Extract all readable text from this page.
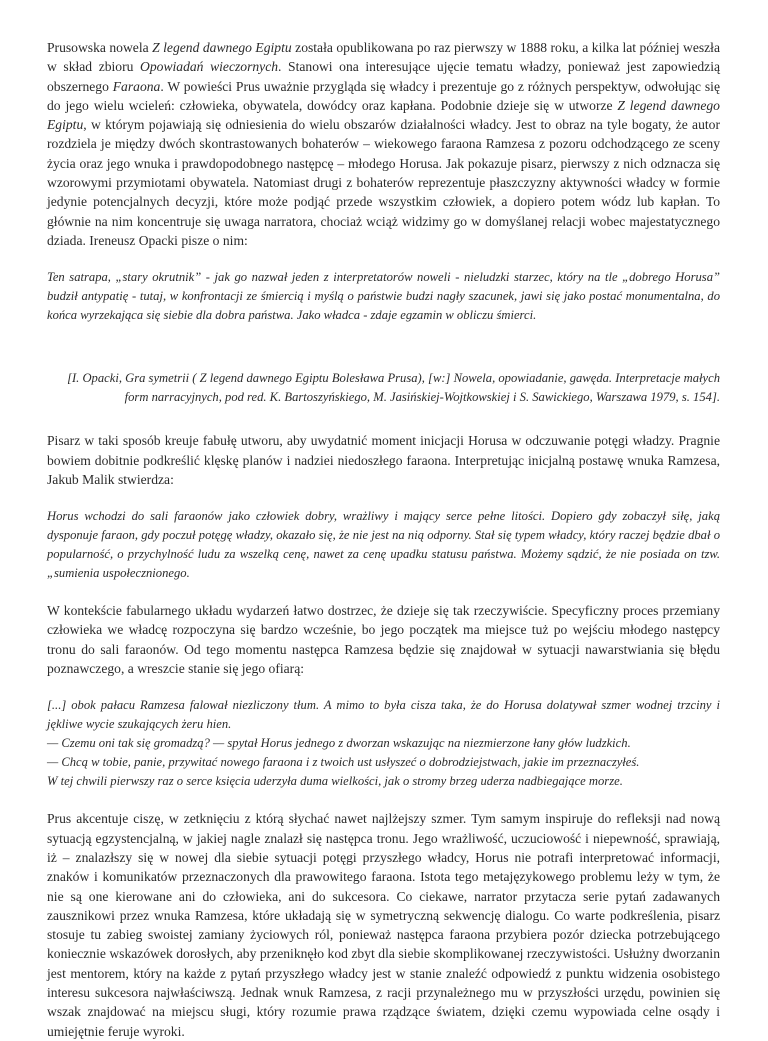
Prusowska nowela Z legend dawnego Egiptu została opublikowana po raz pierwszy w 1888 roku, a kilka lat później weszła w skład zbioru Opowiadań wieczornych. Stanowi ona interesujące ujęcie tematu władzy, ponieważ jest zapowiedzią obszernego Faraona. W powieści Prus uważnie przygląda się władcy i prezentuje go z różnych perspektyw, odwołując się do jego wielu wcieleń: człowieka, obywatela, dowódcy oraz kapłana. Podobnie dzieje się w utworze Z legend dawnego Egiptu, w którym pojawiają się odniesienia do wielu obszarów działalności władcy. Jest to obraz na tyle bogaty, że autor rozdziela je między dwóch skontrastowanych bohaterów – wiekowego faraona Ramzesa z pozoru odchodzącego ze sceny życia oraz jego wnuka i prawdopodobnego następcę – młodego Horusa. Jak pokazuje pisarz, pierwszy z nich odznacza się wzorowymi przymiotami obywatela. Natomiast drugi z bohaterów reprezentuje płaszczyzny aktywności władcy w formie jedynie potencjalnych decyzji, które może podjąć przede wszystkim człowiek, a dopiero potem wódz lub kapłan. To głównie na nim koncentruje się uwaga narratora, chociaż wciąż widzimy go w domyślanej relacji wobec majestatycznego dziada. Ireneusz Opacki pisze o nim:

Ten satrapa, „stary okrutnik” - jak go nazwał jeden z interpretatorów noweli - nieludzki starzec, który na tle „dobrego Horusa” budził antypatię - tutaj, w konfrontacji ze śmiercią i myślą o państwie budzi nagły szacunek, jawi się jako postać monumentalna, do końca wyrzekająca się siebie dla dobra państwa. Jako władca - zdaje egzamin w obliczu śmierci.

[I. Opacki, Gra symetrii ( Z legend dawnego Egiptu Bolesława Prusa), [w:] Nowela, opowiadanie, gawęda. Interpretacje małych form narracyjnych, pod red. K. Bartoszyńskiego, M. Jasińskiej-Wojtkowskiej i S. Sawickiego, Warszawa 1979, s. 154].

Pisarz w taki sposób kreuje fabułę utworu, aby uwydatnić moment inicjacji Horusa w odczuwanie potęgi władzy. Pragnie bowiem dobitnie podkreślić klęskę planów i nadziei niedoszłego faraona. Interpretując inicjalną postawę wnuka Ramzesa, Jakub Malik stwierdza:

Horus wchodzi do sali faraonów jako człowiek dobry, wrażliwy i mający serce pełne litości. Dopiero gdy zobaczył siłę, jaką dysponuje faraon, gdy poczuł potęgę władzy, okazało się, że nie jest na nią odporny. Stał się typem władcy, który raczej będzie dbał o popularność, o przychylność ludu za wszelką cenę, nawet za cenę upadku statusu państwa. Możemy sądzić, że nie posiada on tzw. „sumienia uspołecznionego.

W kontekście fabularnego układu wydarzeń łatwo dostrzec, że dzieje się tak rzeczywiście. Specyficzny proces przemiany człowieka we władcę rozpoczyna się bardzo wcześnie, bo jego początek ma miejsce tuż po wejściu młodego następcy tronu do sali faraonów. Od tego momentu następca Ramzesa będzie się znajdował w sytuacji nawarstwiania się błędu poznawczego, a wreszcie stanie się jego ofiarą:

[...] obok pałacu Ramzesa falował niezliczony tłum. A mimo to była cisza taka, że do Horusa dolatywał szmer wodnej trzciny i jękliwe wycie szukających żeru hien.

— Czemu oni tak się gromadzą? — spytał Horus jednego z dworzan wskazując na niezmierzone łany głów ludzkich.

— Chcą w tobie, panie, przywitać nowego faraona i z twoich ust usłyszeć o dobrodziejstwach, jakie im przeznaczyłeś.

W tej chwili pierwszy raz o serce księcia uderzyła duma wielkości, jak o stromy brzeg uderza nadbiegające morze.

Prus akcentuje ciszę, w zetknięciu z którą słychać nawet najlżejszy szmer. Tym samym inspiruje do refleksji nad nową sytuacją egzystencjalną, w jakiej nagle znalazł się następca tronu. Jego wrażliwość, uczuciowość i niepewność, sprawiają, iż – znalazłszy się w nowej dla siebie sytuacji potęgi przyszłego władcy, Horus nie potrafi interpretować informacji, znaków i komunikatów przeznaczonych dla prawowitego faraona. Istota tego metajęzykowego problemu leży w tym, że nie są one kierowane ani do człowieka, ani do sukcesora. Co ciekawe, narrator przytacza serie pytań zadawanych zausznikowi przez wnuka Ramzesa, które układają się w symetryczną sekwencję dialogu. Co warte podkreślenia, pisarz stosuje tu zabieg swoistej zamiany życiowych ról, ponieważ następca faraona przybiera pozór dziecka potrzebującego koniecznie wskazówek dorosłych, aby przeniknęło kod zbyt dla siebie skomplikowanej rzeczywistości. Usłużny dworzanin jest mentorem, który na każde z pytań przyszłego władcy jest w stanie znaleźć odpowiedź z punktu widzenia osobistego interesu sukcesora najwłaściwszą. Jednak wnuk Ramzesa, z racji przynależnego mu w przyszłości urzędu, powinien się wszak znajdować na miejscu sługi, który rozumie prawa rządzące światem, dzięki czemu wypowiada celne osądy i umiejętnie feruje wyroki.
